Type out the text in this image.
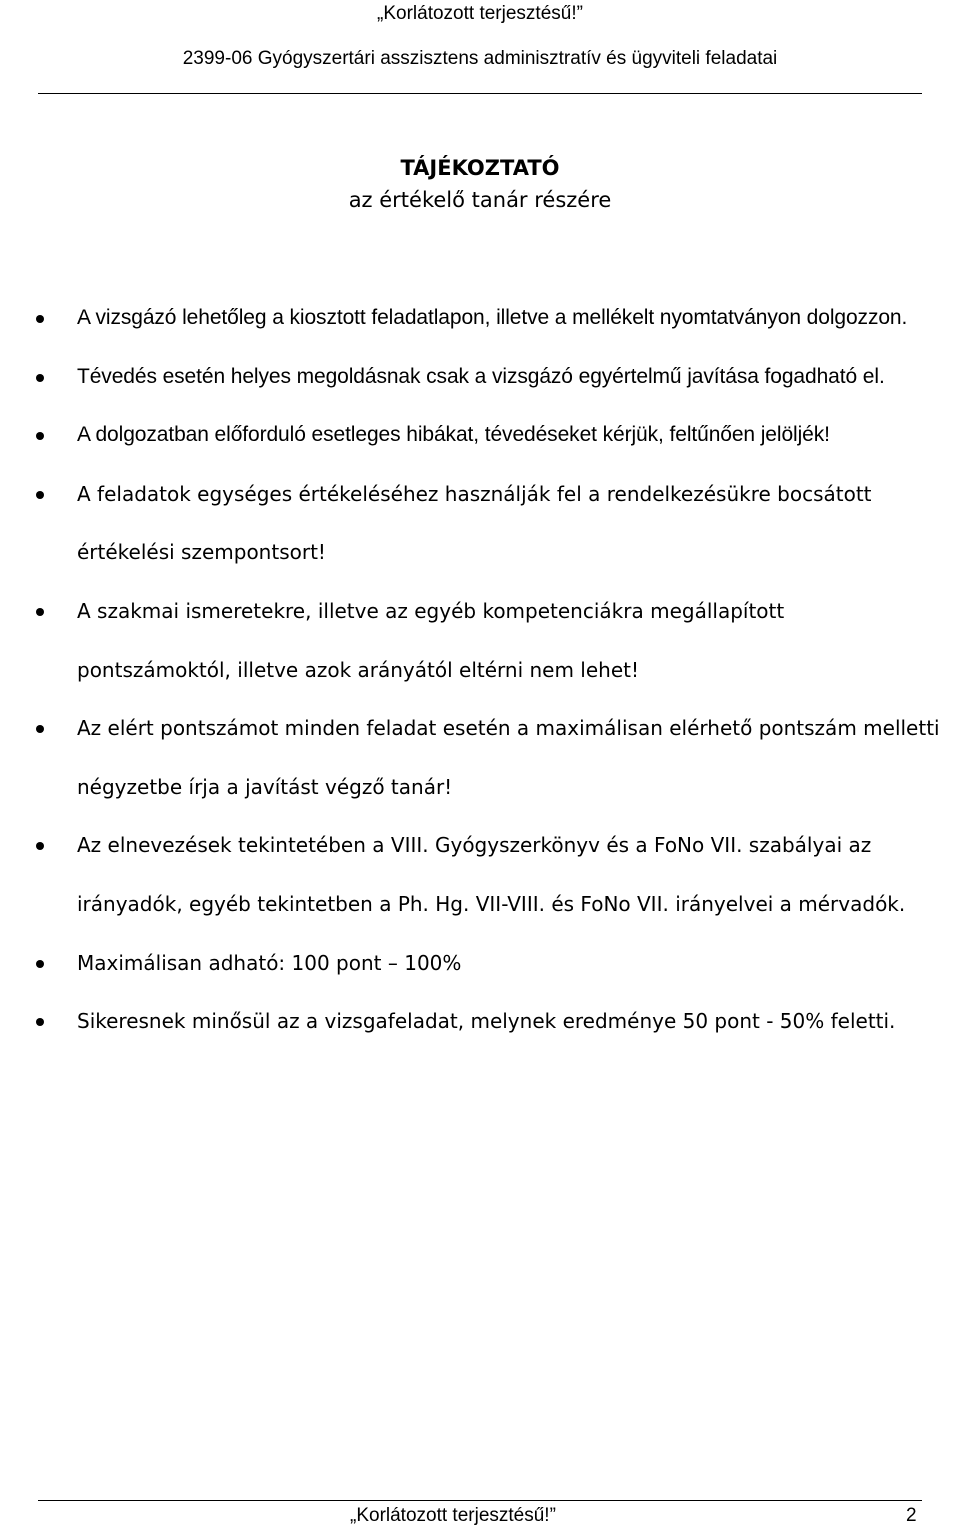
„Korlátozott terjesztésű!”
2399-06 Gyógyszertári asszisztens adminisztratív és ügyviteli feladatai
TÁJÉKOZTATÓ
az értékelő tanár részére
A vizsgázó lehetőleg a kiosztott feladatlapon, illetve a mellékelt nyomtatványon dolgozzon.
Tévedés esetén helyes megoldásnak csak a vizsgázó egyértelmű javítása fogadható el.
A dolgozatban előforduló esetleges hibákat, tévedéseket kérjük, feltűnően jelöljék!
A feladatok egységes értékeléséhez használják fel a rendelkezésükre bocsátott értékelési szempontsort!
A szakmai ismeretekre, illetve az egyéb kompetenciákra megállapított pontszámoktól, illetve azok arányától eltérni nem lehet!
Az elért pontszámot minden feladat esetén a maximálisan elérhető pontszám melletti négyzetbe írja a javítást végző tanár!
Az elnevezések tekintetében a VIII. Gyógyszerkönyv és a FoNo VII. szabályai az irányadók, egyéb tekintetben a Ph. Hg. VII-VIII. és FoNo VII. irányelvei a mérvadók.
Maximálisan adható: 100 pont – 100%
Sikeresnek minősül az a vizsgafeladat, melynek eredménye 50 pont - 50% feletti.
„Korlátozott terjesztésű!”	2
